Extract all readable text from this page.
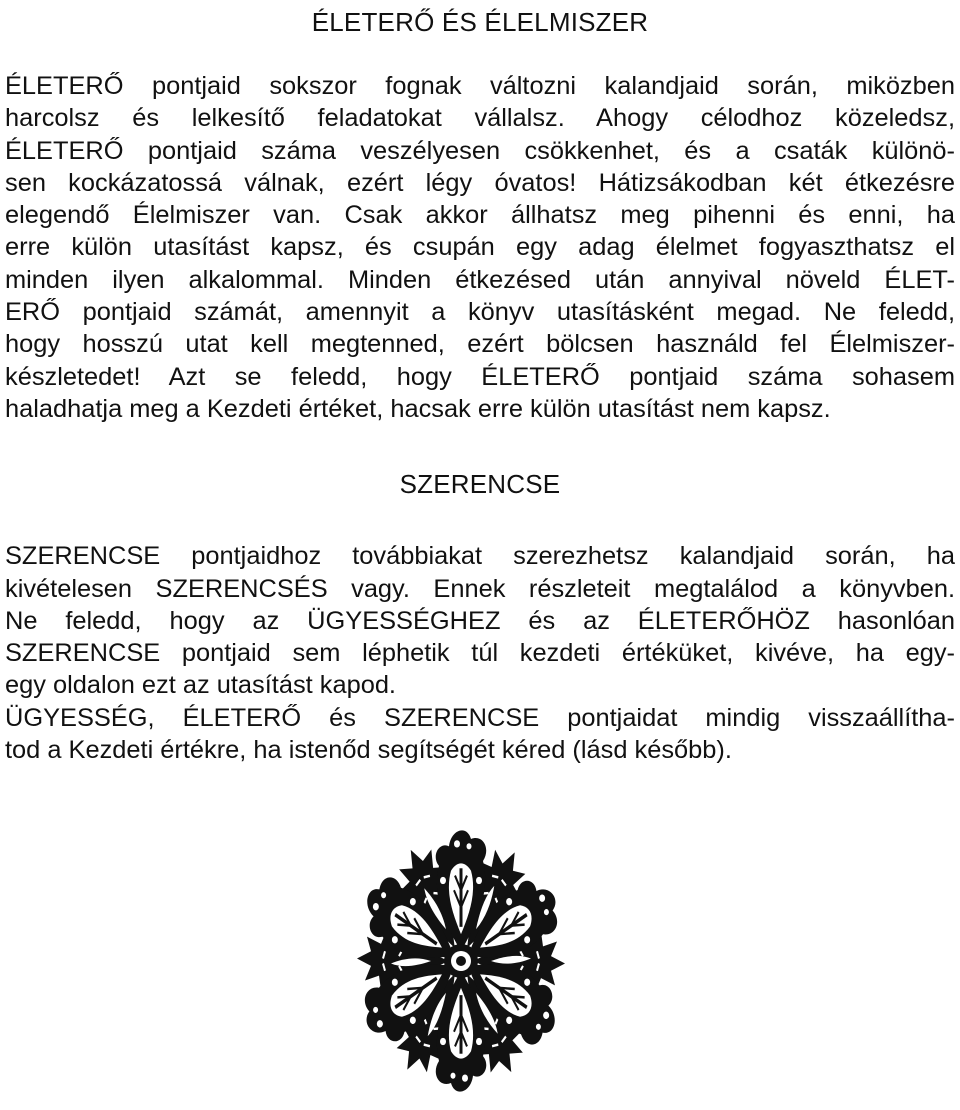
ÉLETERŐ ÉS ÉLELMISZER

ÉLETERŐ pontjaid sokszor fognak változni kalandjaid során, miközben
harcolsz és lelkesítő feladatokat vállalsz. Ahogy célodhoz közeledsz,
ÉLETERŐ pontjaid száma veszélyesen csökkenhet, és a csaták különö-
sen kockázatossá válnak, ezért légy óvatos! Hátizsákodban két étkezésre
elegendő Élelmiszer van. Csak akkor állhatsz meg pihenni és enni, ha
erre külön utasítást kapsz, és csupán egy adag élelmet fogyaszthatsz el
minden ilyen alkalommal. Minden étkezésed után annyival növeld ÉLET-
ERŐ pontjaid számát, amennyit a könyv utasításként megad. Ne feledd,
hogy hosszú utat kell megtenned, ezért bölcsen használd fel Élelmiszer-
készletedet! Azt se feledd, hogy ÉLETERŐ pontjaid száma sohasem
haladhatja meg a Kezdeti értéket, hacsak erre külön utasítást nem kapsz.

SZERENCSE

SZERENCSE pontjaidhoz továbbiakat szerezhetsz kalandjaid során, ha
kivételesen SZERENCSÉS vagy. Ennek részleteit megtalálod a könyvben.
Ne feledd, hogy az ÜGYESSÉGHEZ és az ÉLETERŐHÖZ hasonlóan
SZERENCSE pontjaid sem léphetik túl kezdeti értéküket, kivéve, ha egy-
egy oldalon ezt az utasítást kapod.

ÜGYESSÉG, ÉLETERŐ és SZERENCSE pontjaidat mindig visszaállítha-
tod a Kezdeti értékre, ha istenőd segítségét kéred (lásd később).
